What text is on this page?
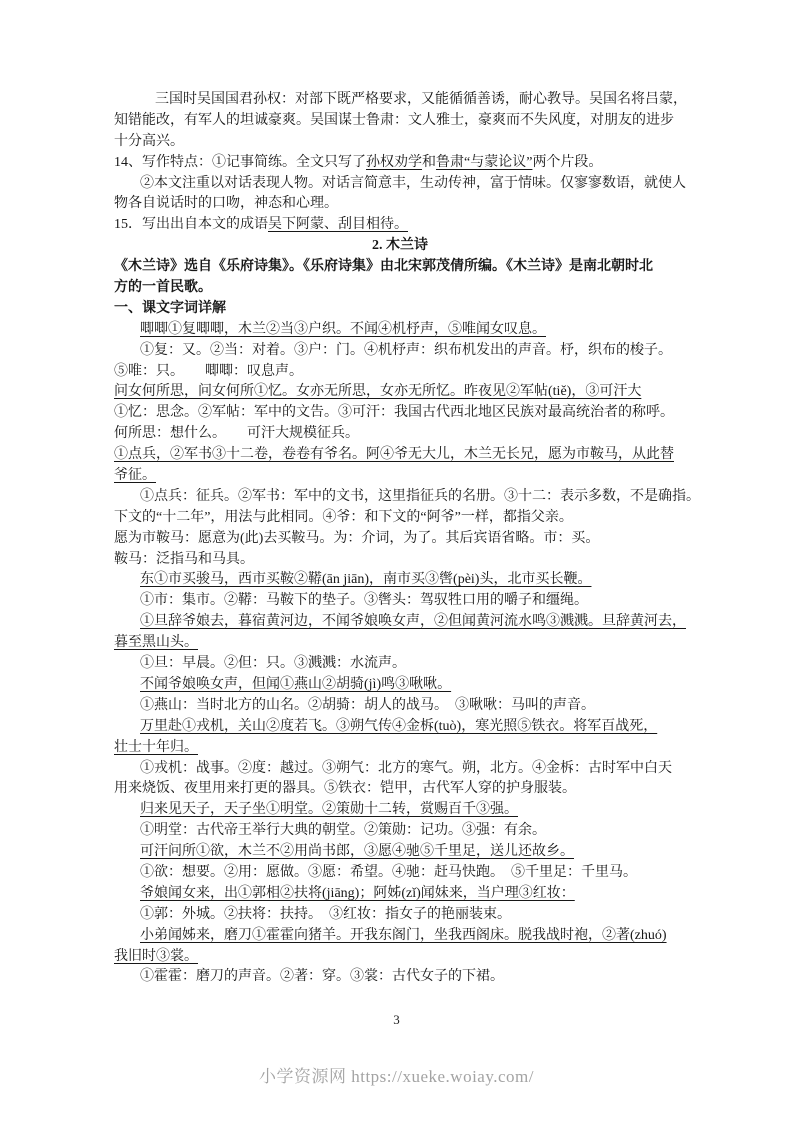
三国时吴国国君孙权：对部下既严格要求，又能循循善诱，耐心教导。吴国名将吕蒙，
知错能改，有军人的坦诚豪爽。吴国谋士鲁肃：文人雅士，豪爽而不失风度，对朋友的进步
十分高兴。
14、写作特点：①记事简练。全文只写了孙权劝学和鲁肃“与蒙论议”两个片段。
②本文注重以对话表现人物。对话言简意丰，生动传神，富于情味。仅寥寥数语，就使人
物各自说话时的口吻，神态和心理。
15．写出出自本文的成语吴下阿蒙、刮目相待。
2. 木兰诗
《木兰诗》选自《乐府诗集》。《乐府诗集》由北宋郭茂倩所编。《木兰诗》是南北朝时北
方的一首民歌。
一、课文字词详解
唧唧①复唧唧，木兰②当③户织。不闻④机杼声，⑤唯闻女叹息。
①复：又。②当：对着。③户：门。④机杼声：织布机发出的声音。杼，织布的梭子。
⑤唯：只。　　唧唧：叹息声。
问女何所思，问女何所①忆。女亦无所思，女亦无所忆。昨夜见②军帖(tiě)，③可汗大
①忆：思念。②军帖：军中的文告。③可汗：我国古代西北地区民族对最高统治者的称呼。
何所思：想什么。　　可汗大规模征兵。
①点兵，②军书③十二卷，卷卷有爷名。阿④爷无大儿，木兰无长兄，愿为市鞍马，从此替
爷征。
①点兵：征兵。②军书：军中的文书，这里指征兵的名册。③十二：表示多数，不是确指。
下文的“十二年”，用法与此相同。④爷：和下文的“阿爷”一样，都指父亲。
愿为市鞍马：愿意为(此)去买鞍马。为：介词，为了。其后宾语省略。市：买。
鞍马：泛指马和马具。
东①市买骏马，西市买鞍②鞯(ān jiān)，南市买③辔(pèi)头，北市买长鞭。
①市：集市。②鞯：马鞍下的垫子。③辔头：驾驭牲口用的嚼子和缰绳。
①旦辞爷娘去，暮宿黄河边，不闻爷娘唤女声，②但闻黄河流水鸣③溅溅。旦辞黄河去，
暮至黑山头。
①旦：早晨。②但：只。③溅溅：水流声。
不闻爷娘唤女声，但闻①燕山②胡骑(jì)鸣③啾啾。
①燕山：当时北方的山名。②胡骑：胡人的战马。　③啾啾：马叫的声音。
万里赴①戎机，关山②度若飞。③朔气传④金柝(tuò)，寒光照⑤铁衣。将军百战死，
壮士十年归。
①戎机：战事。②度：越过。③朔气：北方的寒气。朔，北方。④金柝：古时军中白天
用来烧饭、夜里用来打更的器具。⑤铁衣：铠甲，古代军人穿的护身服装。
归来见天子，天子坐①明堂。②策勋十二转，赏赐百千③强。
①明堂：古代帝王举行大典的朝堂。②策勋：记功。③强：有余。
可汗问所①欲，木兰不②用尚书郎，③愿④驰⑤千里足，送儿还故乡。
①欲：想要。②用：愿做。③愿：希望。④驰：赶马快跑。　⑤千里足：千里马。
爷娘闻女来，出①郭相②扶将(jiāng)；阿姊(zǐ)闻妹来，当户理③红妆：
①郭：外城。②扶将：扶持。　③红妆：指女子的艳丽装束。
小弟闻姊来，磨刀①霍霍向猪羊。开我东阁门，坐我西阁床。脱我战时袍，②著(zhuó)
我旧时③裳。
①霍霍：磨刀的声音。②著：穿。③裳：古代女子的下裙。
3
小学资源网 https://xueke.woiay.com/
